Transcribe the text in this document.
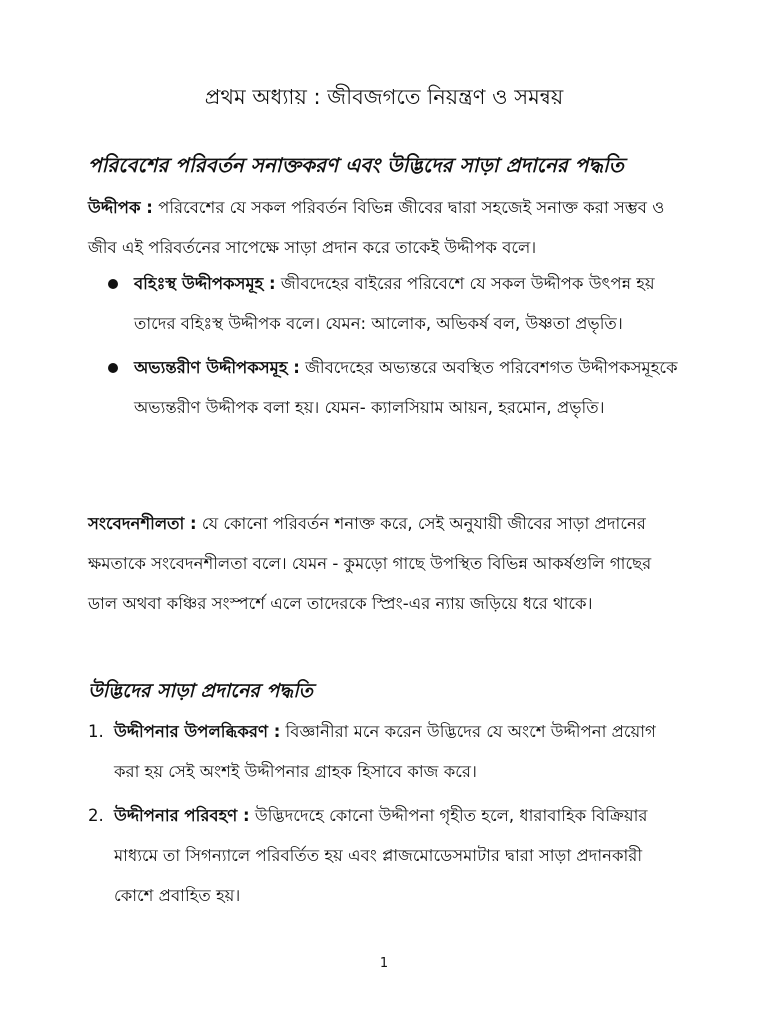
প্রথম অধ্যায় : জীবজগতে নিয়ন্ত্রণ ও সমন্বয়
পরিবেশের পরিবর্তন সনাক্তকরণ এবং উদ্ভিদের সাড়া প্রদানের পদ্ধতি

উদ্দীপক : পরিবেশের যে সকল পরিবর্তন বিভিন্ন জীবের দ্বারা সহজেই সনাক্ত করা সম্ভব ও জীব এই পরিবর্তনের সাপেক্ষে সাড়া প্রদান করে তাকেই উদ্দীপক বলে।

বহিঃস্থ উদ্দীপকসমূহ : জীবদেহের বাইরের পরিবেশে যে সকল উদ্দীপক উৎপন্ন হয় তাদের বহিঃস্থ উদ্দীপক বলে। যেমন: আলোক, অভিকর্ষ বল, উষ্ণতা প্রভৃতি।
অভ্যন্তরীণ উদ্দীপকসমূহ : জীবদেহের অভ্যন্তরে অবস্থিত পরিবেশগত উদ্দীপকসমূহকে অভ্যন্তরীণ উদ্দীপক বলা হয়। যেমন- ক্যালসিয়াম আয়ন, হরমোন, প্রভৃতি।

সংবেদনশীলতা : যে কোনো পরিবর্তন শনাক্ত করে, সেই অনুযায়ী জীবের সাড়া প্রদানের ক্ষমতাকে সংবেদনশীলতা বলে। যেমন - কুমড়ো গাছে উপস্থিত বিভিন্ন আকর্ষগুলি গাছের ডাল অথবা কঞ্চির সংস্পর্শে এলে তাদেরকে স্প্রিং-এর ন্যায় জড়িয়ে ধরে থাকে।

উদ্ভিদের সাড়া প্রদানের পদ্ধতি
1. উদ্দীপনার উপলব্ধিকরণ : বিজ্ঞানীরা মনে করেন উদ্ভিদের যে অংশে উদ্দীপনা প্রয়োগ করা হয় সেই অংশই উদ্দীপনার গ্রাহক হিসাবে কাজ করে।
2. উদ্দীপনার পরিবহণ : উদ্ভিদদেহে কোনো উদ্দীপনা গৃহীত হলে, ধারাবাহিক বিক্রিয়ার মাধ্যমে তা সিগন্যালে পরিবর্তিত হয় এবং প্লাজমোডেসমাটার দ্বারা সাড়া প্রদানকারী কোশে প্রবাহিত হয়।
1
